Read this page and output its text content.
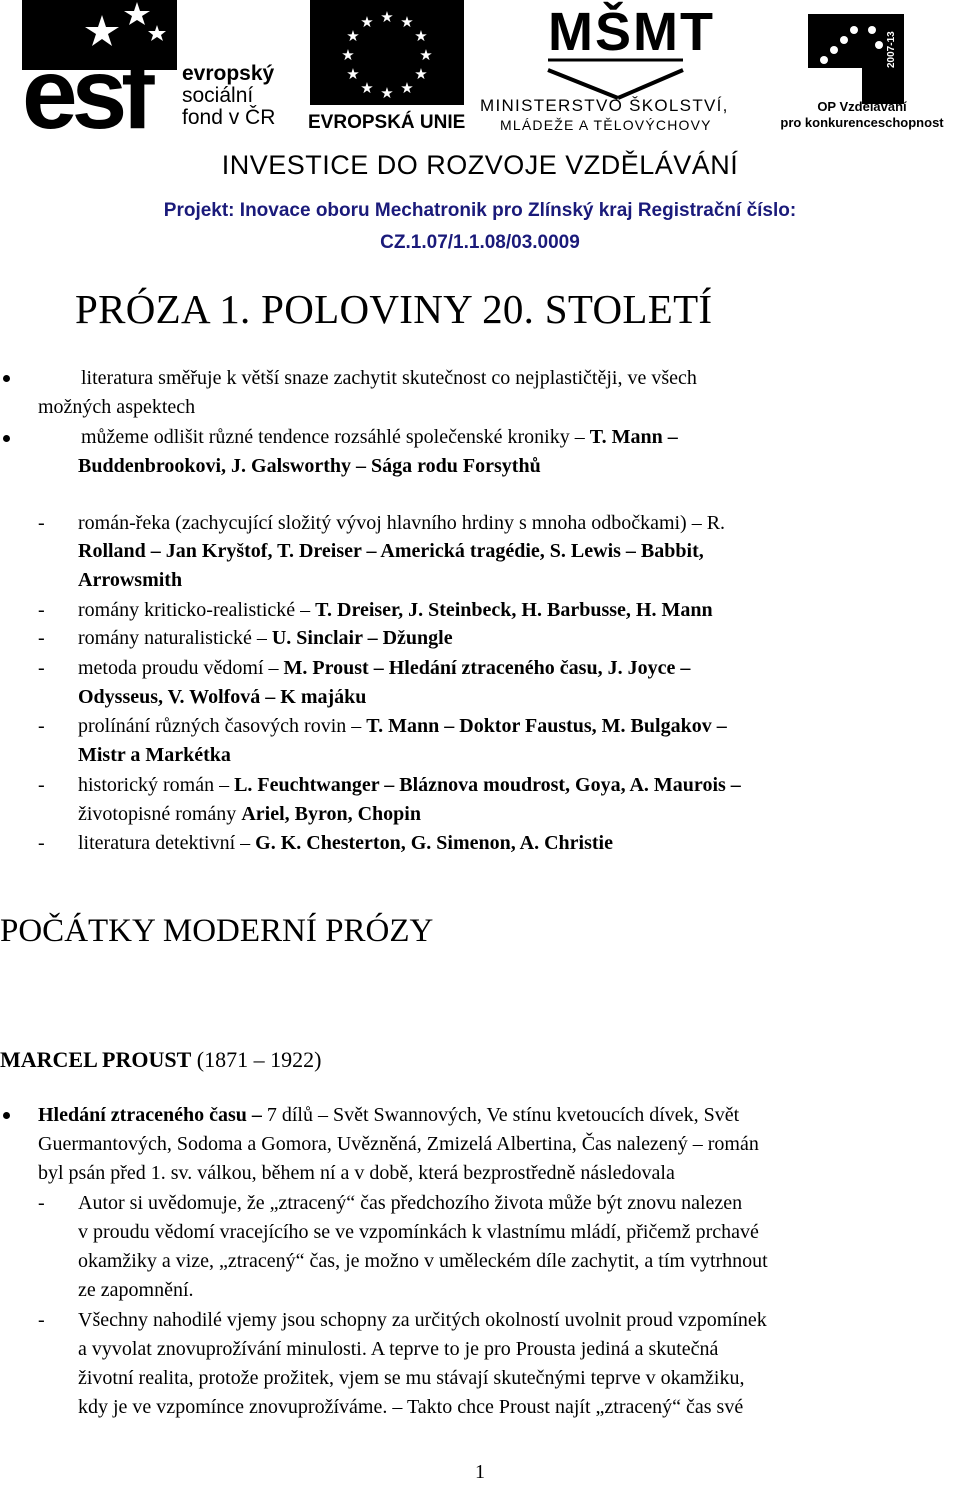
esf	evropský
sociální
fond v ČR
★ ★
★
★
★
★
★
★
★
★
★
★
EVROPSKÁ UNIE
MŠMT
MINISTERSTVO ŠKOLSTVÍ,
MLÁDEŽE A TĚLOVÝCHOVY
2007-13
OP Vzdělávání
pro konkurenceschopnost
INVESTICE DO ROZVOJE VZDĚLÁVÁNÍ
Projekt: Inovace oboru Mechatronik pro Zlínský kraj Registrační číslo:
CZ.1.07/1.1.08/03.0009
PRÓZA 1. POLOVINY 20. STOLETÍ
literatura směřuje k větší snaze zachytit skutečnost co nejplastičtěji, ve všech
možných aspektech
můžeme odlišit různé tendence rozsáhlé společenské kroniky – T. Mann –
Buddenbrookovi, J. Galsworthy – Sága rodu Forsythů
- román-řeka (zachycující složitý vývoj hlavního hrdiny s mnoha odbočkami) – R.
Rolland – Jan Kryštof, T. Dreiser – Americká tragédie, S. Lewis – Babbit,
Arrowsmith
- romány kriticko-realistické – T. Dreiser, J. Steinbeck, H. Barbusse, H. Mann
- romány naturalistické – U. Sinclair – Džungle
- metoda proudu vědomí – M. Proust – Hledání ztraceného času, J. Joyce –
Odysseus, V. Wolfová – K majáku
- prolínání různých časových rovin – T. Mann – Doktor Faustus, M. Bulgakov –
Mistr a Markétka
- historický román – L. Feuchtwanger – Bláznova moudrost, Goya, A. Maurois –
životopisné romány Ariel, Byron, Chopin
- literatura detektivní – G. K. Chesterton, G. Simenon, A. Christie
POČÁTKY MODERNÍ PRÓZY
MARCEL PROUST (1871 – 1922)
Hledání ztraceného času – 7 dílů – Svět Swannových, Ve stínu kvetoucích dívek, Svět
Guermantových, Sodoma a Gomora, Uvězněná, Zmizelá Albertina, Čas nalezený – román
byl psán před 1. sv. válkou, během ní a v době, která bezprostředně následovala
- Autor si uvědomuje, že „ztracený“ čas předchozího života může být znovu nalezen
v proudu vědomí vracejícího se ve vzpomínkách k vlastnímu mládí, přičemž prchavé
okamžiky a vize, „ztracený“ čas, je možno v uměleckém díle zachytit, a tím vytrhnout
ze zapomnění.
- Všechny nahodilé vjemy jsou schopny za určitých okolností uvolnit proud vzpomínek
a vyvolat znovuprožívání minulosti. A teprve to je pro Prousta jediná a skutečná
životní realita, protože prožitek, vjem se mu stávají skutečnými teprve v okamžiku,
kdy je ve vzpomínce znovuprožíváme. – Takto chce Proust najít „ztracený“ čas své
1
